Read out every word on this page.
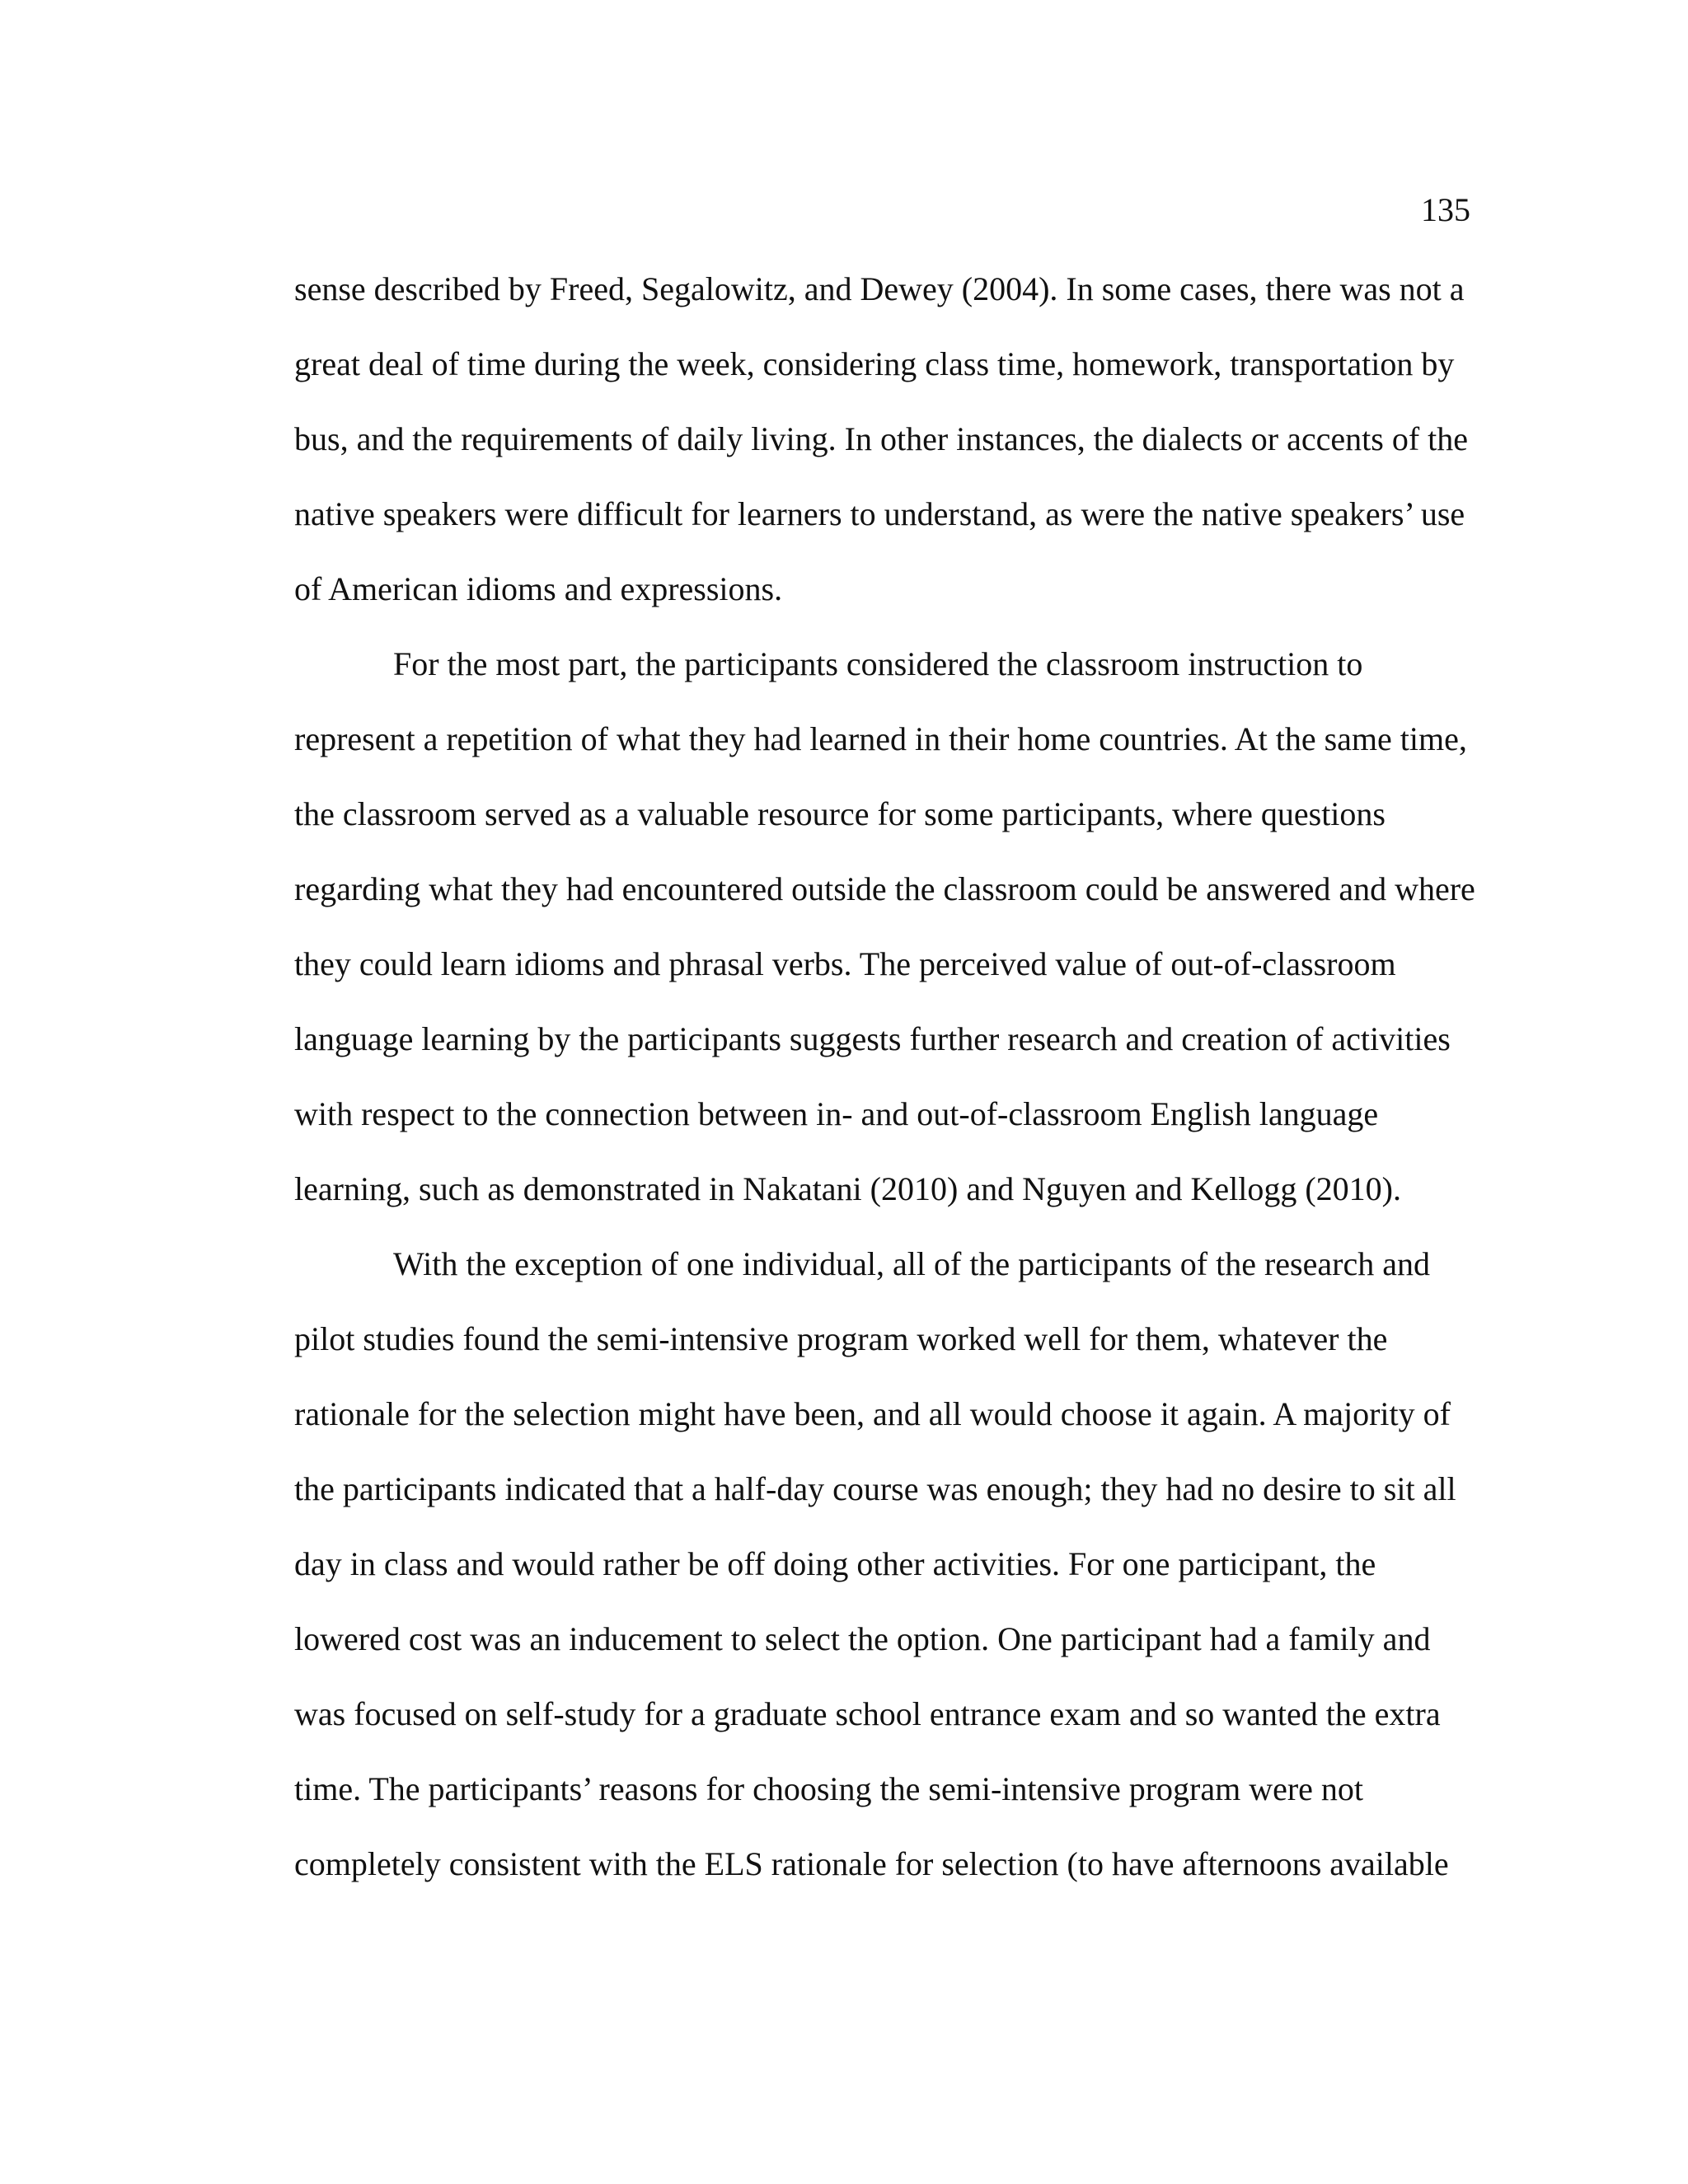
135
sense described by Freed, Segalowitz, and Dewey (2004). In some cases, there was not a
great deal of time during the week, considering class time, homework, transportation by
bus, and the requirements of daily living. In other instances, the dialects or accents of the
native speakers were difficult for learners to understand, as were the native speakers’ use
of American idioms and expressions.
For the most part, the participants considered the classroom instruction to
represent a repetition of what they had learned in their home countries. At the same time,
the classroom served as a valuable resource for some participants, where questions
regarding what they had encountered outside the classroom could be answered and where
they could learn idioms and phrasal verbs. The perceived value of out-of-classroom
language learning by the participants suggests further research and creation of activities
with respect to the connection between in- and out-of-classroom English language
learning, such as demonstrated in Nakatani (2010) and Nguyen and Kellogg (2010).
With the exception of one individual, all of the participants of the research and
pilot studies found the semi-intensive program worked well for them, whatever the
rationale for the selection might have been, and all would choose it again. A majority of
the participants indicated that a half-day course was enough; they had no desire to sit all
day in class and would rather be off doing other activities. For one participant, the
lowered cost was an inducement to select the option. One participant had a family and
was focused on self-study for a graduate school entrance exam and so wanted the extra
time. The participants’ reasons for choosing the semi-intensive program were not
completely consistent with the ELS rationale for selection (to have afternoons available
